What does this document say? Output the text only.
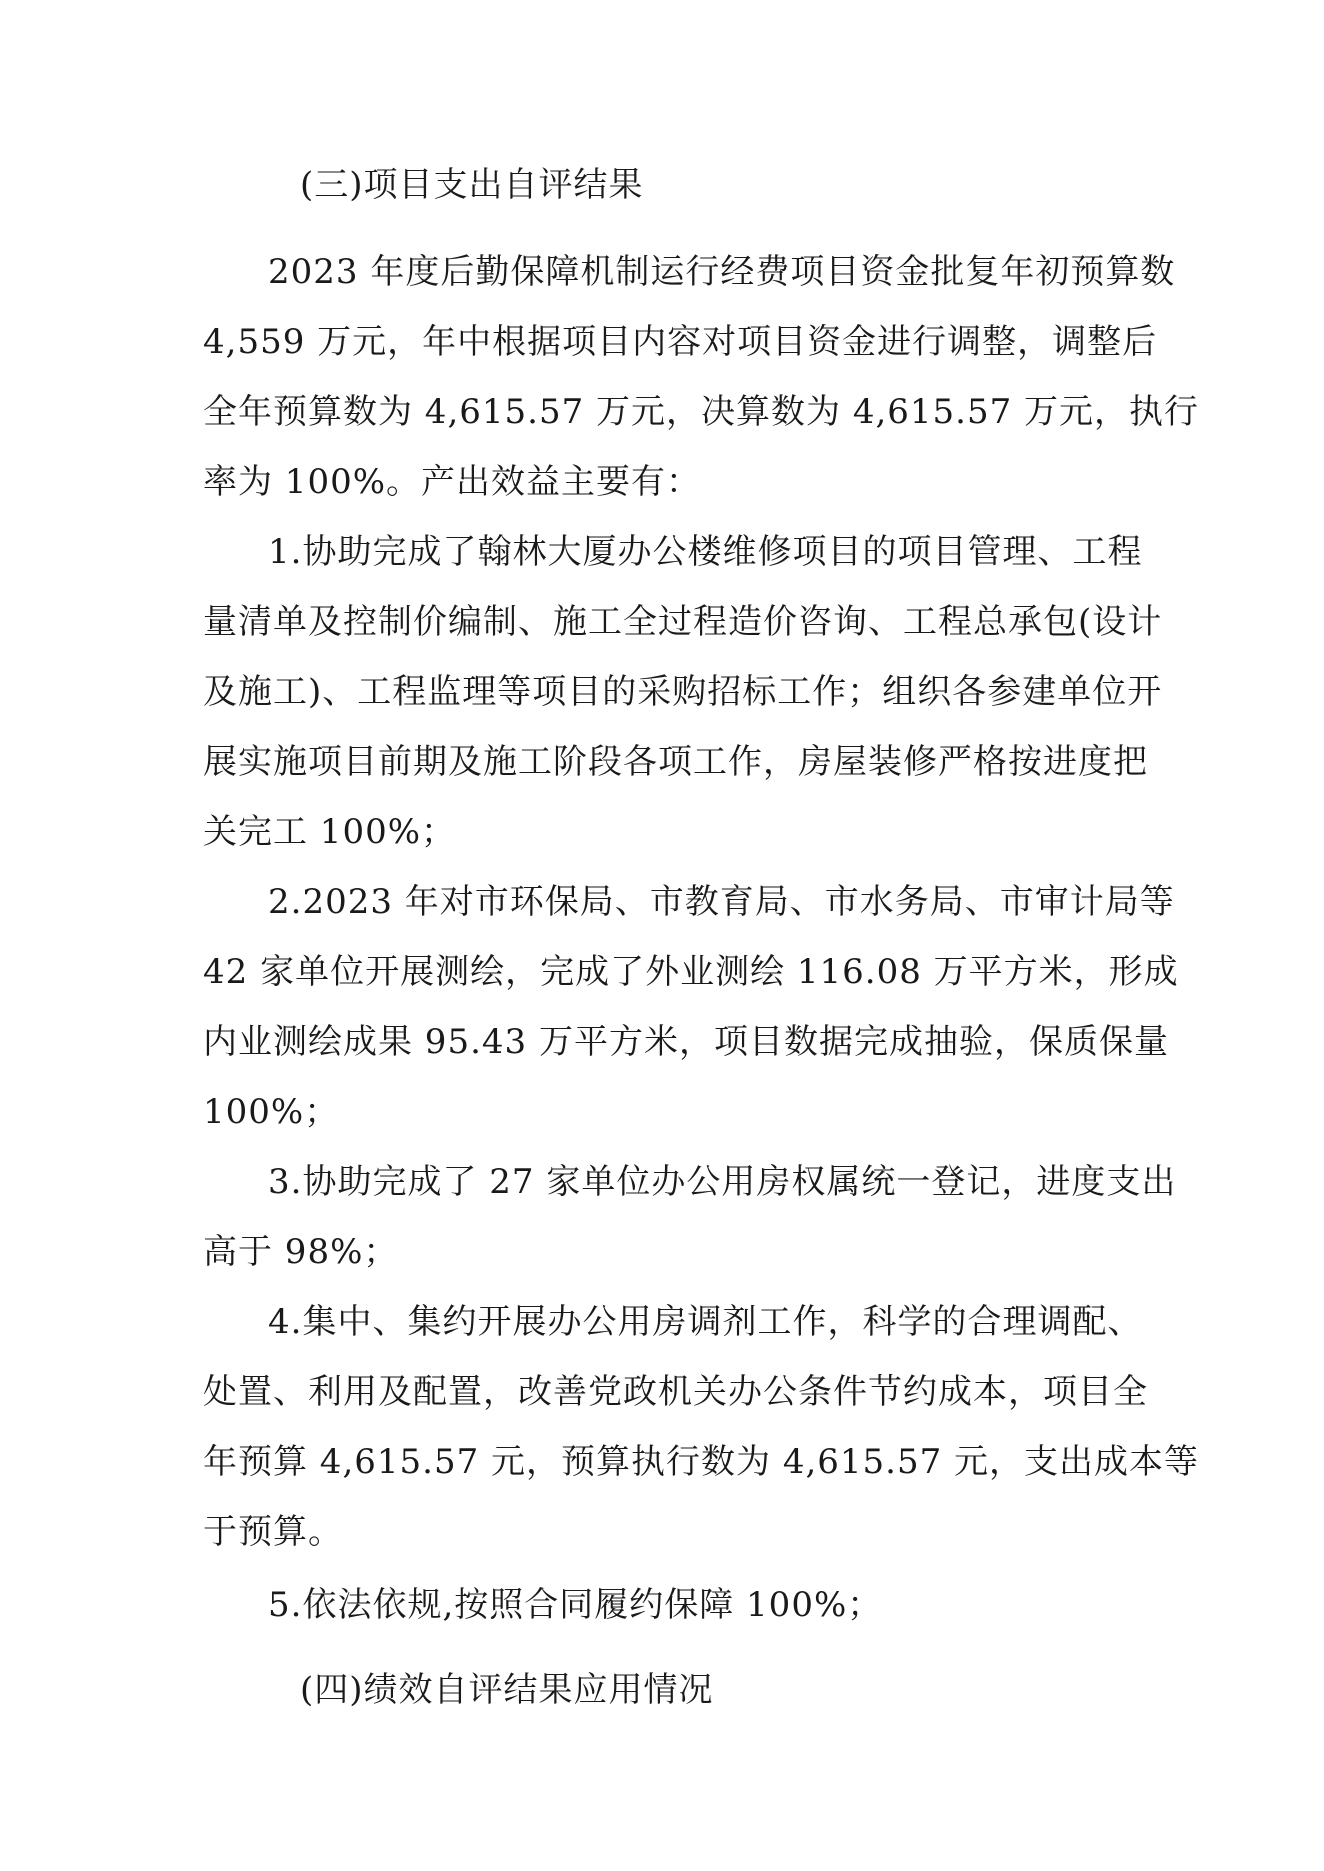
(三)项目支出自评结果
2023 年度后勤保障机制运行经费项目资金批复年初预算数
4,559 万元，年中根据项目内容对项目资金进行调整，调整后
全年预算数为 4,615.57 万元，决算数为 4,615.57 万元，执行
率为 100%。产出效益主要有：
1.协助完成了翰林大厦办公楼维修项目的项目管理、工程
量清单及控制价编制、施工全过程造价咨询、工程总承包(设计
及施工)、工程监理等项目的采购招标工作；组织各参建单位开
展实施项目前期及施工阶段各项工作，房屋装修严格按进度把
关完工 100%；
2.2023 年对市环保局、市教育局、市水务局、市审计局等
42 家单位开展测绘，完成了外业测绘 116.08 万平方米，形成
内业测绘成果 95.43 万平方米，项目数据完成抽验，保质保量
100%；
3.协助完成了 27 家单位办公用房权属统一登记，进度支出
高于 98%；
4.集中、集约开展办公用房调剂工作，科学的合理调配、
处置、利用及配置，改善党政机关办公条件节约成本，项目全
年预算 4,615.57 元，预算执行数为 4,615.57 元，支出成本等
于预算。
5.依法依规,按照合同履约保障 100%；
(四)绩效自评结果应用情况
